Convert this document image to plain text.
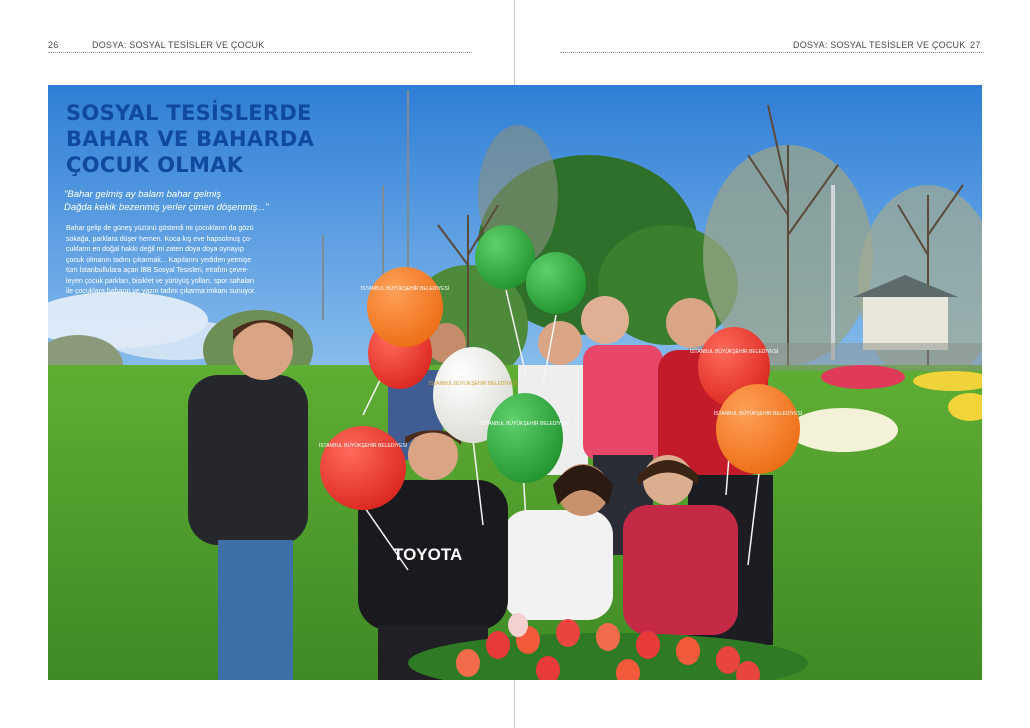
26	DOSYA: SOSYAL TESİSLER VE ÇOCUK	DOSYA: SOSYAL TESİSLER VE ÇOCUK 27
TOYOTA
İSTANBUL BÜYÜKŞEHİR BELEDİYESİ
İSTANBUL BÜYÜKŞEHİR BELEDİYESİ
İSTANBUL BÜYÜKŞEHİR BELEDİYESİ
İSTANBUL BÜYÜKŞEHİR BELEDİYESİ
İSTANBUL BÜYÜKŞEHİR BELEDİYESİ
İSTANBUL BÜYÜKŞEHİR BELEDİYESİ
SOSYAL TESİSLERDE
BAHAR VE BAHARDA
ÇOCUK OLMAK
"Bahar gelmiş ay balam bahar gelmiş
Dağda kekik bezenmiş yerler çimen döşenmiş..."
Bahar gelip de güneş yüzünü gösterdi mi çocukların da gözü
sokağa, parklara düşer hemen. Koca kış eve hapsolmuş ço-
cukların en doğal hakkı değil mi zaten doya doya oynayıp
çocuk olmanın tadını çıkarmak... Kapılarını yediden yetmişe
tüm İstanbullulara açan İBB Sosyal Tesisleri, etrafını çevre-
leyen çocuk parkları, bisiklet ve yürüyüş yolları, spor sahaları
ile çocuklara baharın ve yazın tadını çıkarma imkanı sunuyor.
